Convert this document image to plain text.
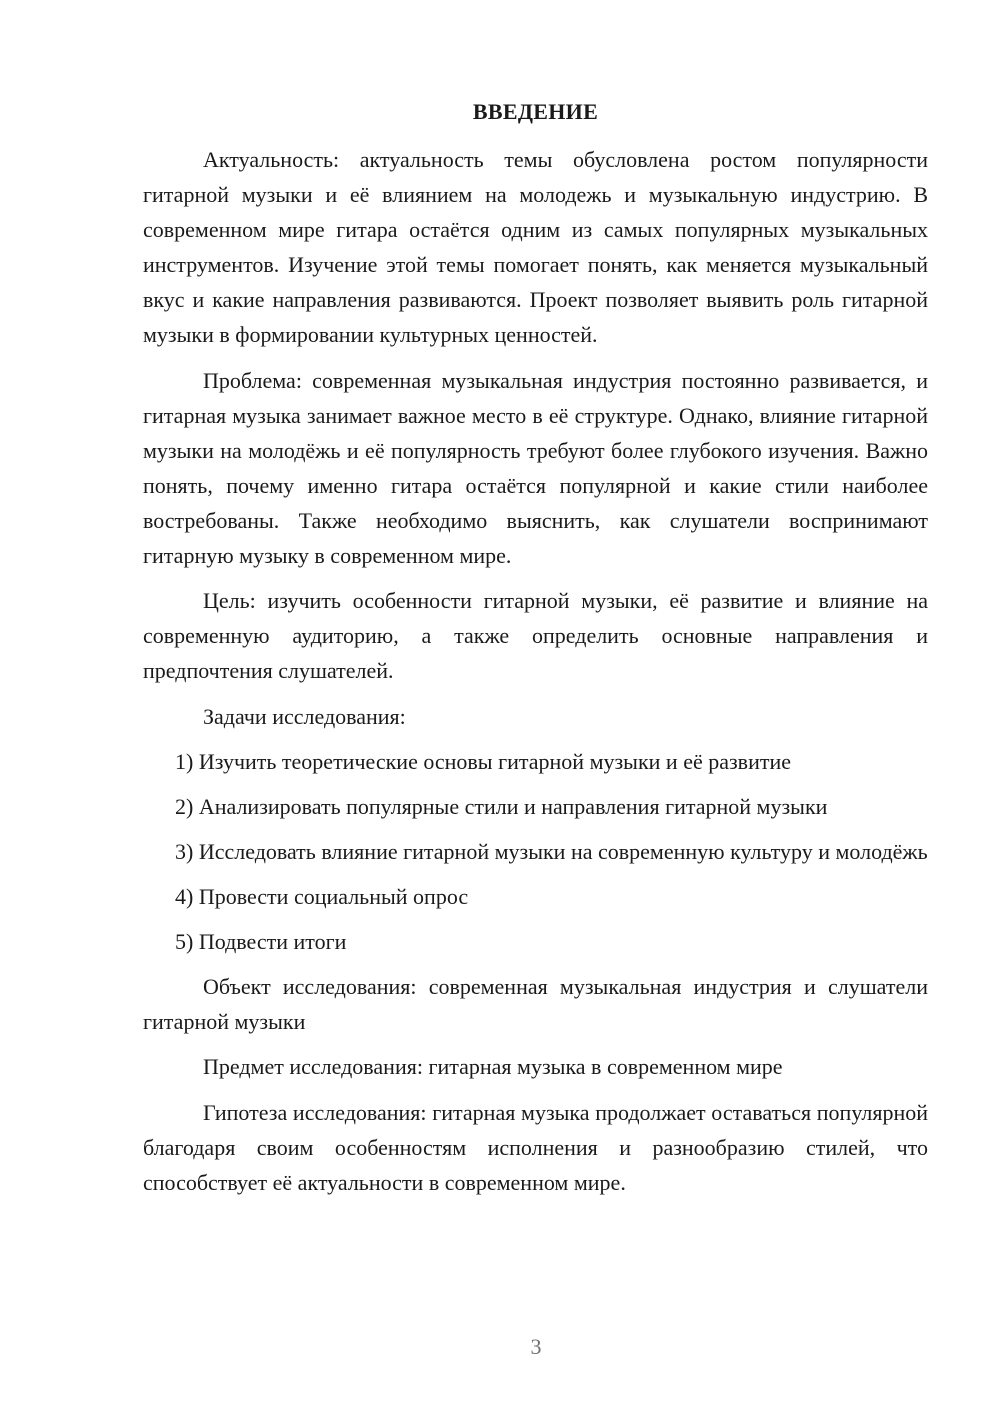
ВВЕДЕНИЕ

Актуальность: актуальность темы обусловлена ростом популярности гитарной музыки и её влиянием на молодежь и музыкальную индустрию. В современном мире гитара остаётся одним из самых популярных музыкальных инструментов. Изучение этой темы помогает понять, как меняется музыкальный вкус и какие направления развиваются. Проект позволяет выявить роль гитарной музыки в формировании культурных ценностей.

Проблема: современная музыкальная индустрия постоянно развивается, и гитарная музыка занимает важное место в её структуре. Однако, влияние гитарной музыки на молодёжь и её популярность требуют более глубокого изучения. Важно понять, почему именно гитара остаётся популярной и какие стили наиболее востребованы. Также необходимо выяснить, как слушатели воспринимают гитарную музыку в современном мире.

Цель: изучить особенности гитарной музыки, её развитие и влияние на современную аудиторию, а также определить основные направления и предпочтения слушателей.

Задачи исследования:

1) Изучить теоретические основы гитарной музыки и её развитие

2) Анализировать популярные стили и направления гитарной музыки

3) Исследовать влияние гитарной музыки на современную культуру и молодёжь

4) Провести социальный опрос

5) Подвести итоги

Объект исследования: современная музыкальная индустрия и слушатели гитарной музыки

Предмет исследования: гитарная музыка в современном мире

Гипотеза исследования: гитарная музыка продолжает оставаться популярной благодаря своим особенностям исполнения и разнообразию стилей, что способствует её актуальности в современном мире.

3
